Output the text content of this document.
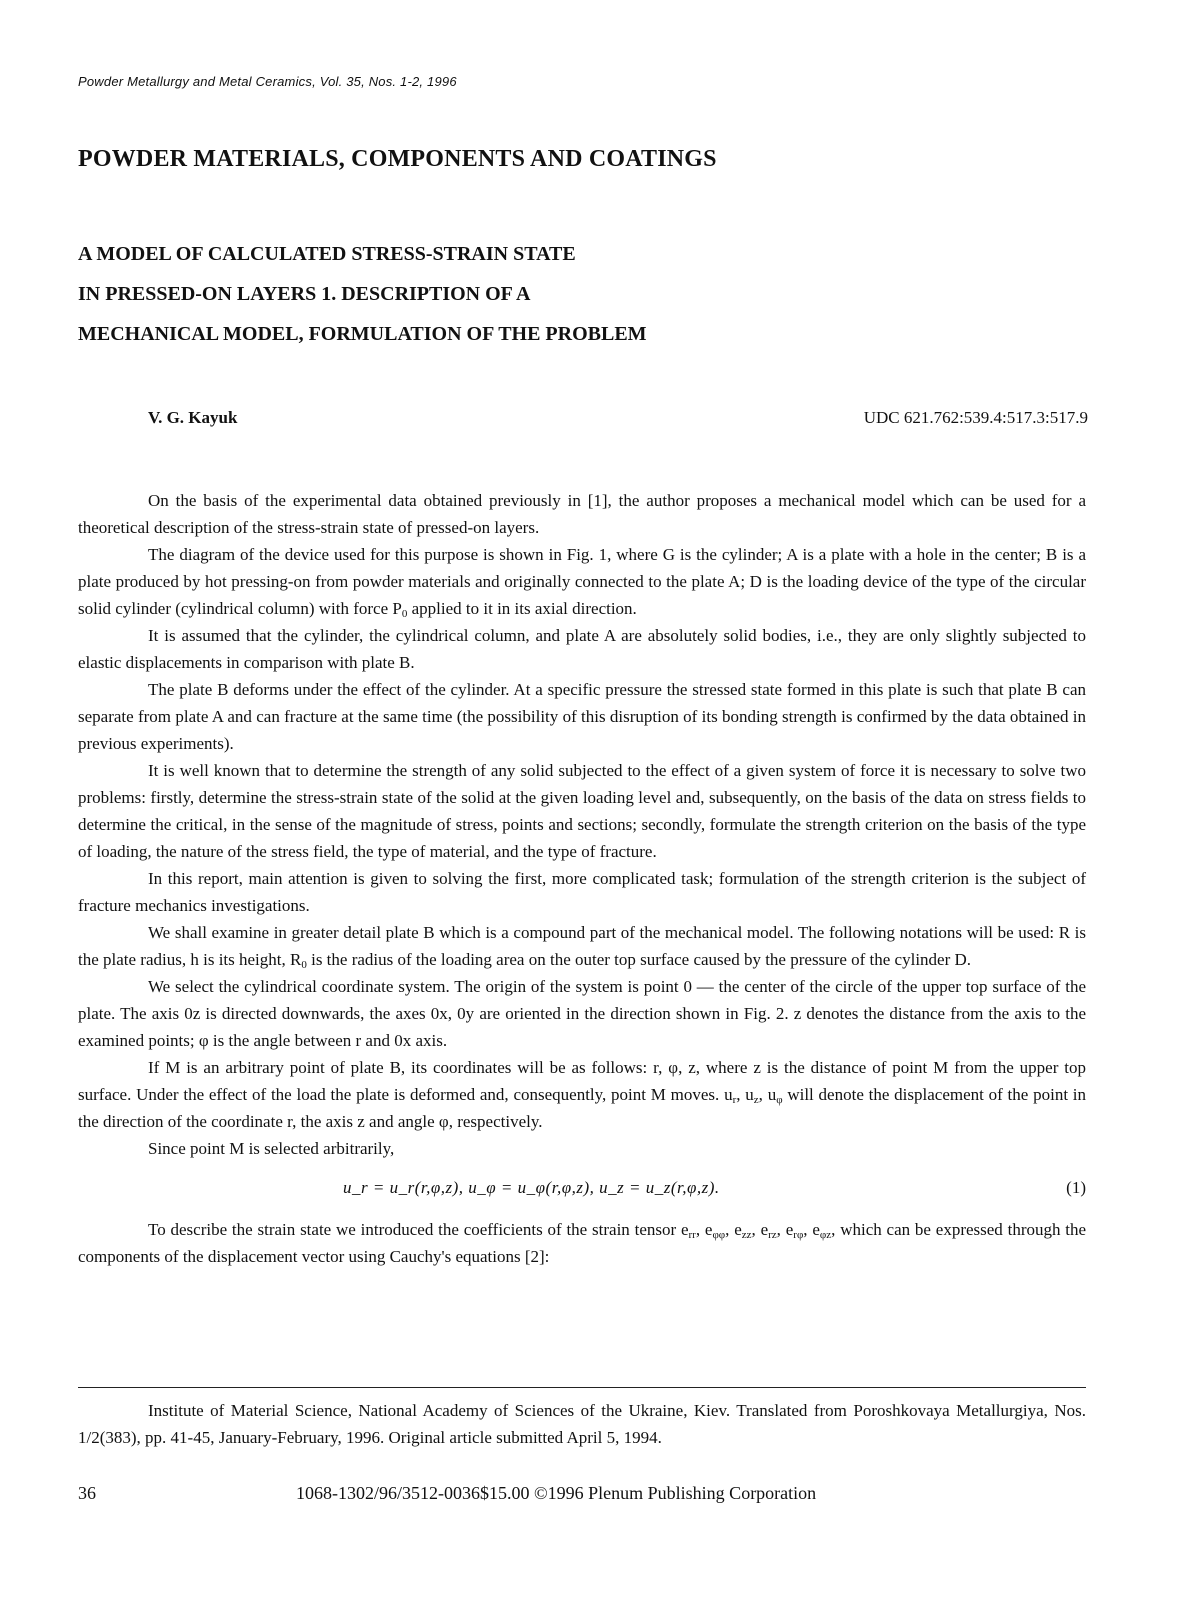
Powder Metallurgy and Metal Ceramics, Vol. 35, Nos. 1-2, 1996
POWDER MATERIALS, COMPONENTS AND COATINGS
A MODEL OF CALCULATED STRESS-STRAIN STATE
IN PRESSED-ON LAYERS 1. DESCRIPTION OF A
MECHANICAL MODEL, FORMULATION OF THE PROBLEM
V. G. Kayuk	UDC 621.762:539.4:517.3:517.9

On the basis of the experimental data obtained previously in [1], the author proposes a mechanical model which can be used for a theoretical description of the stress-strain state of pressed-on layers.

The diagram of the device used for this purpose is shown in Fig. 1, where G is the cylinder; A is a plate with a hole in the center; B is a plate produced by hot pressing-on from powder materials and originally connected to the plate A; D is the loading device of the type of the circular solid cylinder (cylindrical column) with force $P_0$ applied to it in its axial direction.

It is assumed that the cylinder, the cylindrical column, and plate A are absolutely solid bodies, i.e., they are only slightly subjected to elastic displacements in comparison with plate B.

The plate B deforms under the effect of the cylinder. At a specific pressure the stressed state formed in this plate is such that plate B can separate from plate A and can fracture at the same time (the possibility of this disruption of its bonding strength is confirmed by the data obtained in previous experiments).

It is well known that to determine the strength of any solid subjected to the effect of a given system of force it is necessary to solve two problems: firstly, determine the stress-strain state of the solid at the given loading level and, subsequently, on the basis of the data on stress fields to determine the critical, in the sense of the magnitude of stress, points and sections; secondly, formulate the strength criterion on the basis of the type of loading, the nature of the stress field, the type of material, and the type of fracture.

In this report, main attention is given to solving the first, more complicated task; formulation of the strength criterion is the subject of fracture mechanics investigations.

We shall examine in greater detail plate B which is a compound part of the mechanical model. The following notations will be used: R is the plate radius, h is its height, $R_0$ is the radius of the loading area on the outer top surface caused by the pressure of the cylinder D.

We select the cylindrical coordinate system. The origin of the system is point 0 — the center of the circle of the upper top surface of the plate. The axis 0z is directed downwards, the axes 0x, 0y are oriented in the direction shown in Fig. 2. z denotes the distance from the axis to the examined points; φ is the angle between r and 0x axis.

If M is an arbitrary point of plate B, its coordinates will be as follows: r, φ, z, where z is the distance of point M from the upper top surface. Under the effect of the load the plate is deformed and, consequently, point M moves. $u_r$, $u_z$, $u_\varphi$ will denote the displacement of the point in the direction of the coordinate r, the axis z and angle φ, respectively.

Since point M is selected arbitrarily,

u_r = u_r(r,φ,z), u_φ = u_φ(r,φ,z), u_z = u_z(r,φ,z).	(1)

To describe the strain state we introduced the coefficients of the strain tensor $e_{rr}$, $e_{\varphi\varphi}$, $e_{zz}$, $e_{rz}$, $e_{r\varphi}$, $e_{\varphi z}$, which can be expressed through the components of the displacement vector using Cauchy's equations [2]:

Institute of Material Science, National Academy of Sciences of the Ukraine, Kiev. Translated from Poroshkovaya Metallurgiya, Nos. 1/2(383), pp. 41-45, January-February, 1996. Original article submitted April 5, 1994.

36	1068-1302/96/3512-0036$15.00 ©1996 Plenum Publishing Corporation
